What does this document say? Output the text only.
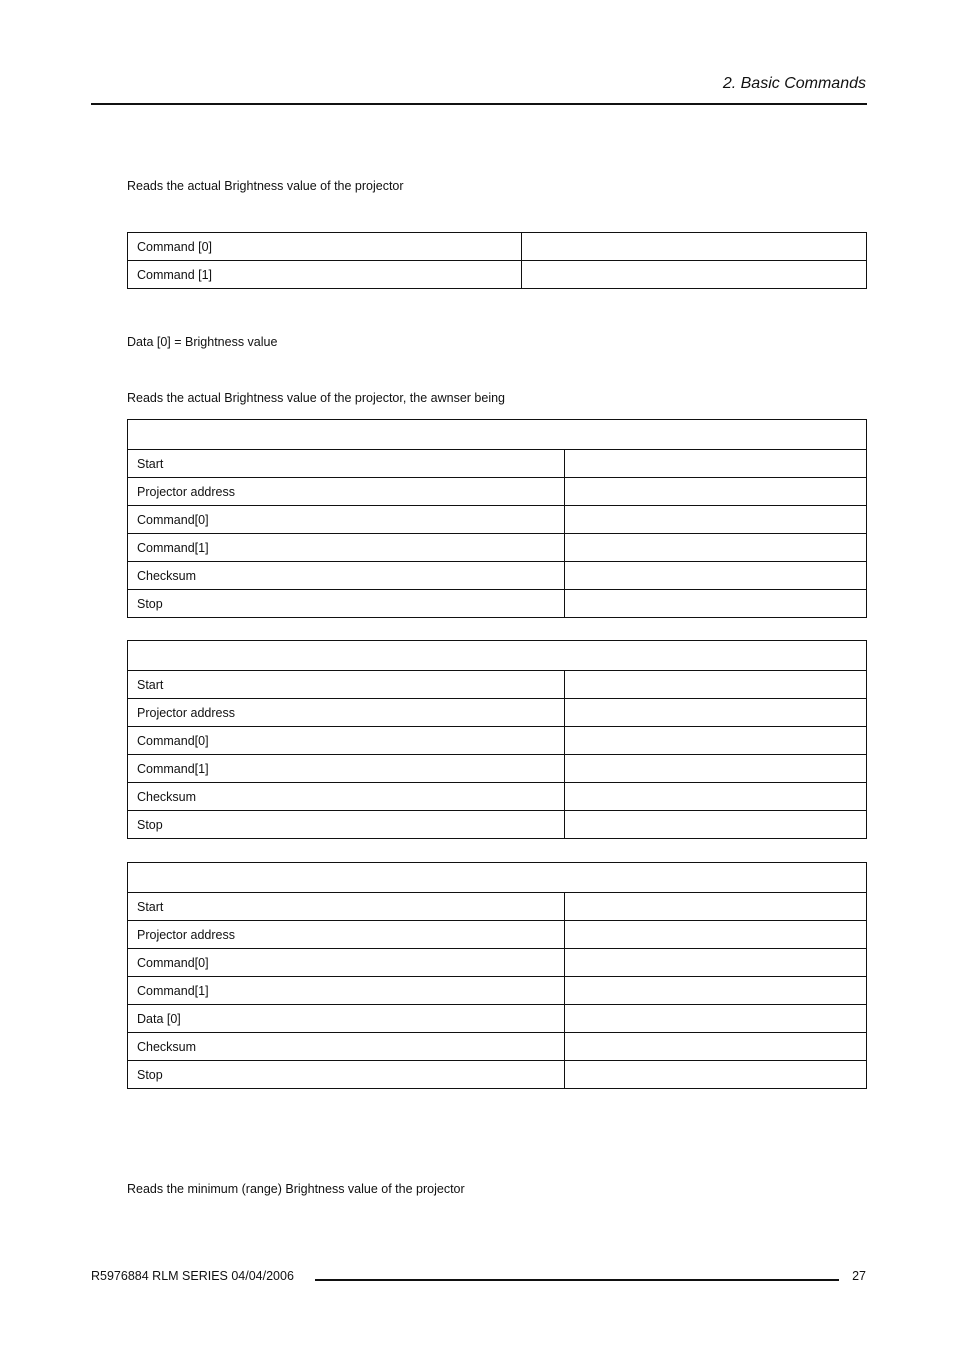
2. Basic Commands
Reads the actual Brightness value of the projector
Command [0]	
Command [1]	
Data [0] = Brightness value
Reads the actual Brightness value of the projector, the awnser being

Start	
Projector address	
Command[0]	
Command[1]	
Checksum	
Stop	

Start	
Projector address	
Command[0]	
Command[1]	
Checksum	
Stop	

Start	
Projector address	
Command[0]	
Command[1]	
Data [0]	
Checksum	
Stop	
Reads the minimum (range) Brightness value of the projector
R5976884 RLM SERIES 04/04/2006	27
